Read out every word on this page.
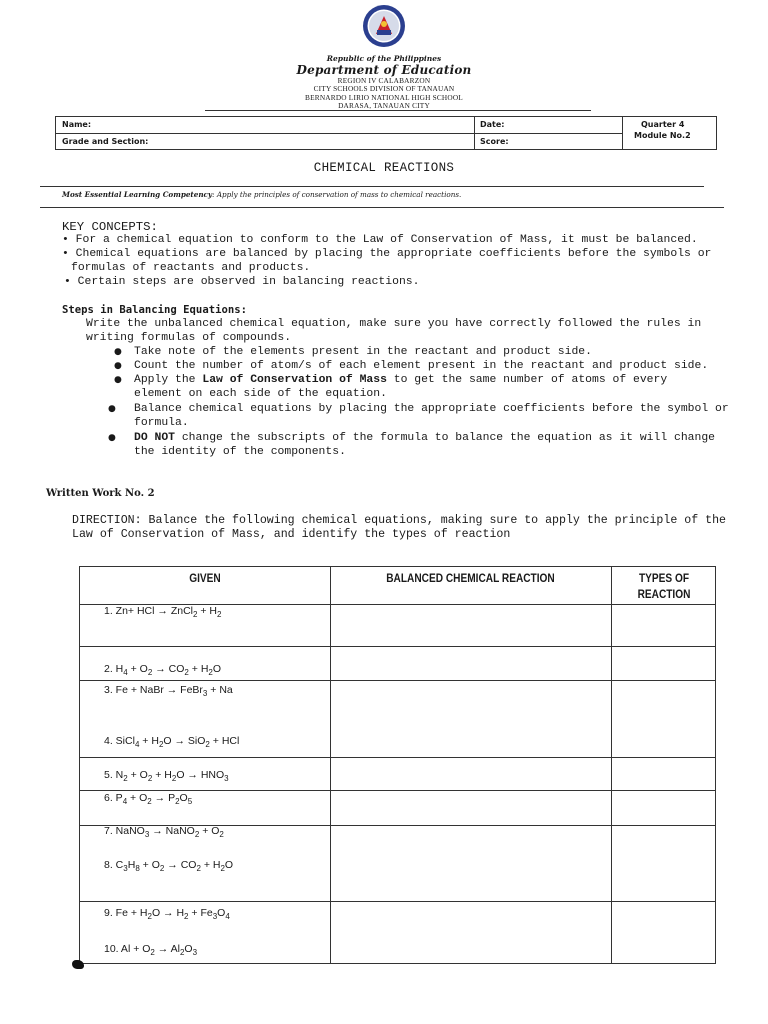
Republic of the Philippines
Department of Education
REGION IV CALABARZON
CITY SCHOOLS DIVISION OF TANAUAN
BERNARDO LIRIO NATIONAL HIGH SCHOOL
DARASA, TANAUAN CITY
Name:
Grade and Section:
Date:
Score:
Quarter 4
Module No.2
CHEMICAL REACTIONS
Most Essential Learning Competency: Apply the principles of conservation of mass to chemical reactions.
KEY CONCEPTS:
• For a chemical equation to conform to the Law of Conservation of Mass, it must be balanced.
• Chemical equations are balanced by placing the appropriate coefficients before the symbols or
formulas of reactants and products.
• Certain steps are observed in balancing reactions.
Steps in Balancing Equations:
Write the unbalanced chemical equation, make sure you have correctly followed the rules in
writing formulas of compounds.
● Take note of the elements present in the reactant and product side.
● Count the number of atom/s of each element present in the reactant and product side.
● Apply the Law of Conservation of Mass to get the same number of atoms of every
element on each side of the equation.
● Balance chemical equations by placing the appropriate coefficients before the symbol or
formula.
● DO NOT change the subscripts of the formula to balance the equation as it will change
the identity of the components.
Written Work No. 2
DIRECTION: Balance the following chemical equations, making sure to apply the principle of the
Law of Conservation of Mass, and identify the types of reaction
GIVEN	BALANCED CHEMICAL REACTION	TYPES OF
REACTION
1. Zn+ HCl → ZnCl$_2$ + $H_2$
2. $H_4 + O_2 \to CO_2 + H_2O$
3. Fe + NaBr → FeBr$_3$ + Na
4. SiCl$_4$ + $H_2O \to SiO_2$ + HCl
5. $N_2 + O_2 + H_2O \to HNO_3$
6. $P_4 + O_2 \to P_2O_5$
7. NaNO$_3$ → NaNO$_2$ + $O_2$
8. $C_3H_8 + O_2 \to CO_2 + H_2O$
9. $Fe + H_2O \to H_2 + Fe_3O_4$
10. $Al + O_2 \to Al_2O_3$
